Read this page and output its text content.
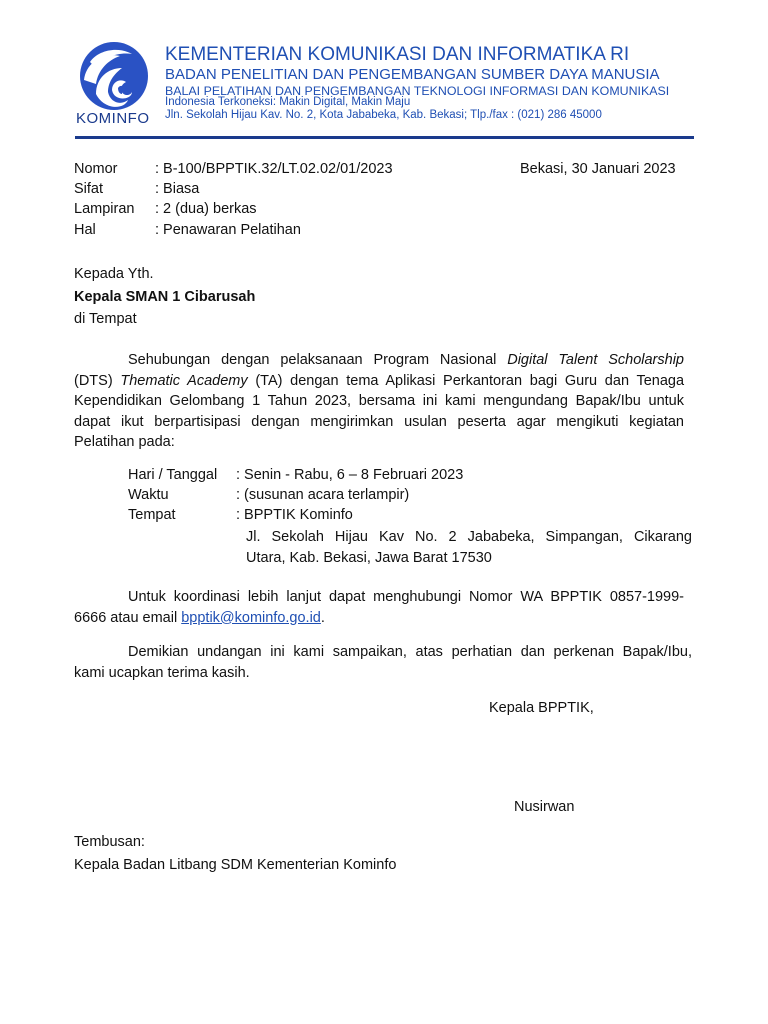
KOMINFO
KEMENTERIAN KOMUNIKASI DAN INFORMATIKA RI
BADAN PENELITIAN DAN PENGEMBANGAN SUMBER DAYA MANUSIA
BALAI PELATIHAN DAN PENGEMBANGAN TEKNOLOGI INFORMASI DAN KOMUNIKASI
Indonesia Terkoneksi: Makin Digital, Makin Maju
Jln. Sekolah Hijau Kav. No. 2, Kota Jababeka, Kab. Bekasi; Tlp./fax : (021) 286 45000
Nomor	: B-100/BPPTIK.32/LT.02.02/01/2023	Bekasi, 30 Januari 2023
Sifat	: Biasa
Lampiran : 2 (dua) berkas
Hal	: Penawaran Pelatihan
Kepada Yth.
Kepala SMAN 1 Cibarusah
di Tempat
Sehubungan dengan pelaksanaan Program Nasional Digital Talent Scholarship
(DTS) Thematic Academy (TA) dengan tema Aplikasi Perkantoran bagi Guru dan Tenaga
Kependidikan Gelombang 1 Tahun 2023, bersama ini kami mengundang Bapak/Ibu untuk
dapat ikut berpartisipasi dengan mengirimkan usulan peserta agar mengikuti kegiatan
Pelatihan pada:
Hari / Tanggal : Senin - Rabu, 6 – 8 Februari 2023
Waktu	: (susunan acara terlampir)
Tempat	: BPPTIK Kominfo
Jl. Sekolah Hijau Kav No. 2 Jababeka, Simpangan, Cikarang
Utara, Kab. Bekasi, Jawa Barat 17530
Untuk koordinasi lebih lanjut dapat menghubungi Nomor WA BPPTIK 0857-1999-
6666 atau email bpptik@kominfo.go.id.
Demikian undangan ini kami sampaikan, atas perhatian dan perkenan Bapak/Ibu,
kami ucapkan terima kasih.
Kepala BPPTIK,
Nusirwan
Tembusan:
Kepala Badan Litbang SDM Kementerian Kominfo
